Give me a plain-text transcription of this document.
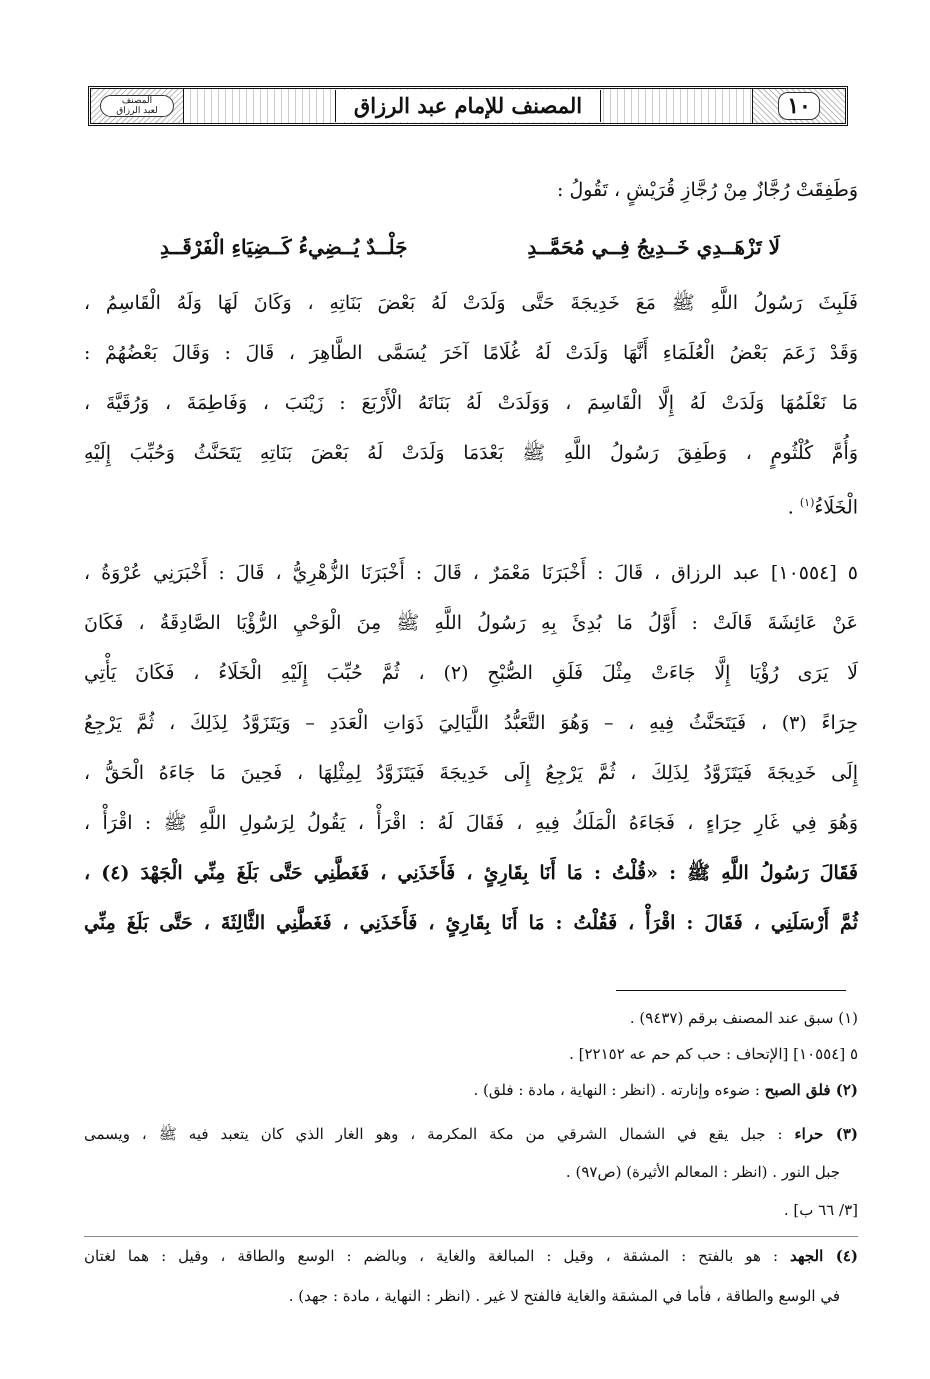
١٠
المصنف للإمام عبد الرزاق
المصنف
لعبد الرزاق
وَطَفِقَتْ رُجَّازٌ مِنْ رُجَّازِ قُرَيْشٍ ، تَقُولُ :
لَا تَزْهَــدِي خَــدِيجُ فِــي مُحَمَّــدِ
جَلْــدٌ يُــضِيءُ كَــضِيَاءِ الْفَرْقَــدِ
فَلَبِثَ رَسُولُ اللَّهِ ﷺ مَعَ خَدِيجَةَ حَتَّى وَلَدَتْ لَهُ بَعْضَ بَنَاتِهِ ، وَكَانَ لَهَا وَلَهُ الْقَاسِمُ ،
وَقَدْ زَعَمَ بَعْضُ الْعُلَمَاءِ أَنَّهَا وَلَدَتْ لَهُ غُلَامًا آخَرَ يُسَمَّى الطَّاهِرَ ، قَالَ : وَقَالَ بَعْضُهُمْ :
مَا نَعْلَمُهَا وَلَدَتْ لَهُ إِلَّا الْقَاسِمَ ، وَوَلَدَتْ لَهُ بَنَاتَهُ الْأَرْبَعَ : زَيْنَبَ ، وَفَاطِمَةَ ، وَرُقَيَّةَ ،
وَأُمَّ كُلْثُومٍ ، وَطَفِقَ رَسُولُ اللَّهِ ﷺ بَعْدَمَا وَلَدَتْ لَهُ بَعْضَ بَنَاتِهِ يَتَحَنَّثُ وَحُبِّبَ إِلَيْهِ
الْخَلَاءُ$^{(١)}$ .
٥ [١٠٥٥٤] عبد الرزاق ، قَالَ : أَخْبَرَنَا مَعْمَرٌ ، قَالَ : أَخْبَرَنَا الزُّهْرِيُّ ، قَالَ : أَخْبَرَنِي عُرْوَةُ ،
عَنْ عَائِشَةَ قَالَتْ : أَوَّلُ مَا بُدِئَ بِهِ رَسُولُ اللَّهِ ﷺ مِنَ الْوَحْيِ الرُّؤْيَا الصَّادِقَةُ ، فَكَانَ
لَا يَرَى رُؤْيَا إِلَّا جَاءَتْ مِثْلَ فَلَقِ الصُّبْحِ (٢) ، ثُمَّ حُبِّبَ إِلَيْهِ الْخَلَاءُ ، فَكَانَ يَأْتِي
حِرَاءً (٣) ، فَيَتَحَنَّثُ فِيهِ ، – وَهُوَ التَّعَبُّدُ اللَّيَالِيَ ذَوَاتِ الْعَدَدِ – وَيَتَزَوَّدُ لِذَلِكَ ، ثُمَّ يَرْجِعُ
إِلَى خَدِيجَةَ فَيَتَزَوَّدُ لِذَلِكَ ، ثُمَّ يَرْجِعُ إِلَى خَدِيجَةَ فَيَتَزَوَّدُ لِمِثْلِهَا ، فَحِينَ مَا جَاءَهُ الْحَقُّ ،
وَهُوَ فِي غَارِ حِرَاءٍ ، فَجَاءَهُ الْمَلَكُ فِيهِ ، فَقَالَ لَهُ : اقْرَأْ ، يَقُولُ لِرَسُولِ اللَّهِ ﷺ : اقْرَأْ ،
فَقَالَ رَسُولُ اللَّهِ ﷺ : «قُلْتُ : مَا أَنَا بِقَارِئٍ ، فَأَخَذَنِي ، فَغَطَّنِي حَتَّى بَلَغَ مِنِّي الْجَهْدَ (٤) ،
ثُمَّ أَرْسَلَنِي ، فَقَالَ : اقْرَأْ ، فَقُلْتُ : مَا أَنَا بِقَارِئٍ ، فَأَخَذَنِي ، فَغَطَّنِي الثَّالِثَةَ ، حَتَّى بَلَغَ مِنِّي
(١) سبق عند المصنف برقم (٩٤٣٧) .
٥ [١٠٥٥٤] [الإتحاف : حب كم حم عه ٢٢١٥٢] .
(٢) فلق الصبح : ضوءه وإنارته . (انظر : النهاية ، مادة : فلق) .
(٣) حراء : جبل يقع في الشمال الشرقي من مكة المكرمة ، وهو الغار الذي كان يتعبد فيه ﷺ ، ويسمى
جبل النور . (انظر : المعالم الأثيرة) (ص٩٧) .
[٣/ ٦٦ ب] .
(٤) الجهد : هو بالفتح : المشقة ، وقيل : المبالغة والغاية ، وبالضم : الوسع والطاقة ، وقيل : هما لغتان
في الوسع والطاقة ، فأما في المشقة والغاية فالفتح لا غير . (انظر : النهاية ، مادة : جهد) .
